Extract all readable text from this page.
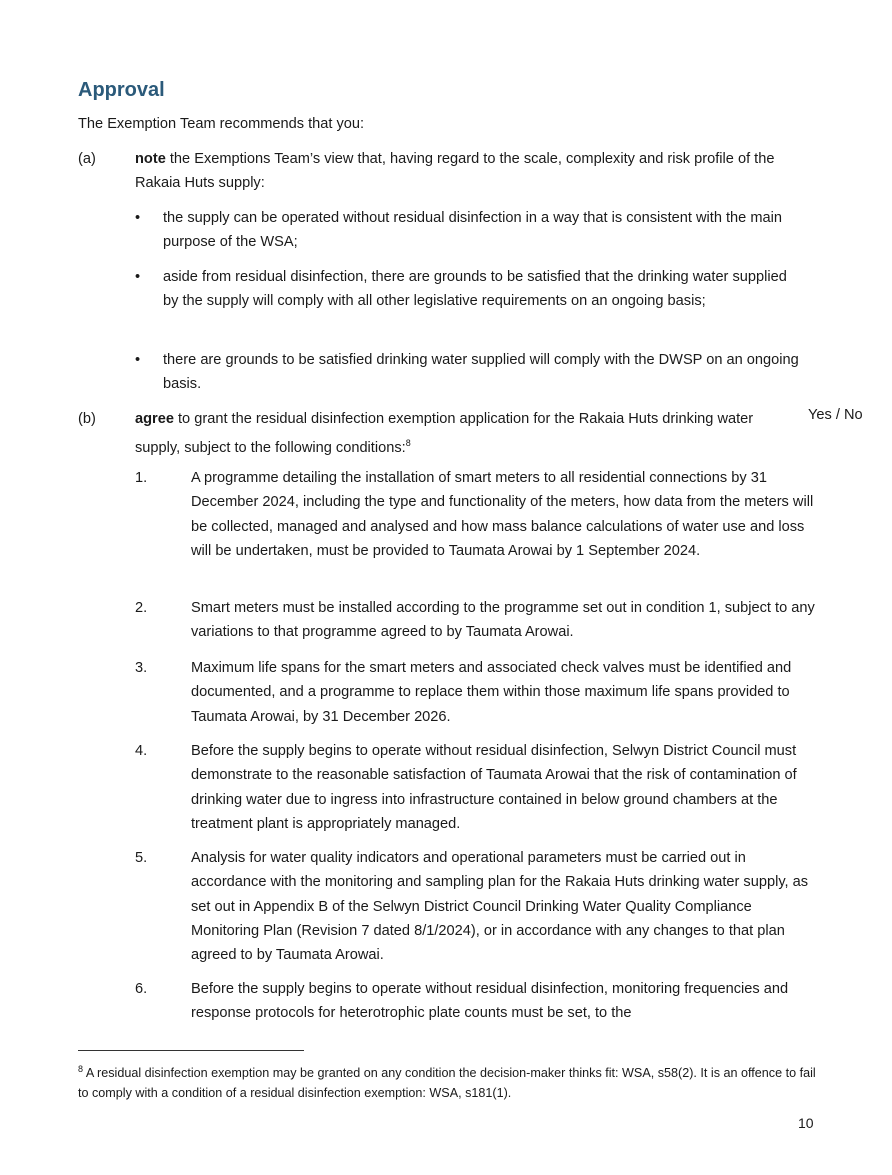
Approval
The Exemption Team recommends that you:
(a)	note the Exemptions Team’s view that, having regard to the scale, complexity and risk profile of the Rakaia Huts supply:
• the supply can be operated without residual disinfection in a way that is consistent with the main purpose of the WSA;
• aside from residual disinfection, there are grounds to be satisfied that the drinking water supplied by the supply will comply with all other legislative requirements on an ongoing basis;
• there are grounds to be satisfied drinking water supplied will comply with the DWSP on an ongoing basis.
(b)	agree to grant the residual disinfection exemption application for the Rakaia Huts drinking water supply, subject to the following conditions:$^8$
Yes / No
1.	A programme detailing the installation of smart meters to all residential connections by 31 December 2024, including the type and functionality of the meters, how data from the meters will be collected, managed and analysed and how mass balance calculations of water use and loss will be undertaken, must be provided to Taumata Arowai by 1 September 2024.
2.	Smart meters must be installed according to the programme set out in condition 1, subject to any variations to that programme agreed to by Taumata Arowai.
3.	Maximum life spans for the smart meters and associated check valves must be identified and documented, and a programme to replace them within those maximum life spans provided to Taumata Arowai, by 31 December 2026.
4.	Before the supply begins to operate without residual disinfection, Selwyn District Council must demonstrate to the reasonable satisfaction of Taumata Arowai that the risk of contamination of drinking water due to ingress into infrastructure contained in below ground chambers at the treatment plant is appropriately managed.
5.	Analysis for water quality indicators and operational parameters must be carried out in accordance with the monitoring and sampling plan for the Rakaia Huts drinking water supply, as set out in Appendix B of the Selwyn District Council Drinking Water Quality Compliance Monitoring Plan (Revision 7 dated 8/1/2024), or in accordance with any changes to that plan agreed to by Taumata Arowai.
6.	Before the supply begins to operate without residual disinfection, monitoring frequencies and response protocols for heterotrophic plate counts must be set, to the
$^8$ A residual disinfection exemption may be granted on any condition the decision-maker thinks fit: WSA, s58(2). It is an offence to fail to comply with a condition of a residual disinfection exemption: WSA, s181(1).
10
